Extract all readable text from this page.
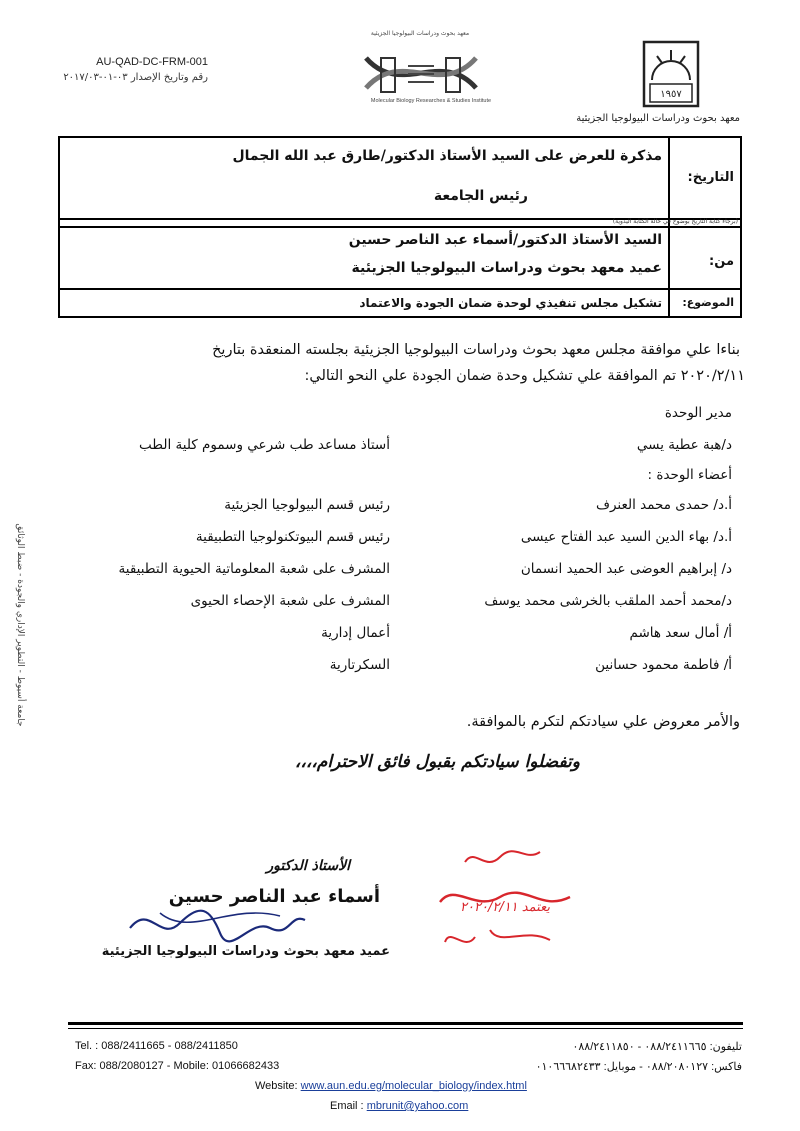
AU-QAD-DC-FRM-001
رقم وتاريخ الإصدار ٠٣-٠١-٢٠١٧/٠٣
معهد بحوث ودراسات البيولوجيا الجزيئية
Molecular Biology Researches & Studies Institute
١٩٥٧
معهد بحوث ودراسات البيولوجيا الجزيئية
التاريخ:
مذكرة للعرض على السيد الأستاذ الدكتور/طارق عبد الله الجمال
رئيس الجامعة
(برجاء كتابة التاريخ بوضوح في حالة الكتابة اليدوية)
من:
السيد الأستاذ الدكتور/أسماء عبد الناصر حسين
عميد معهد بحوث ودراسات البيولوجيا الجزيئية
الموضوع:
تشكيل مجلس تنفيذي لوحدة ضمان الجودة والاعتماد
بناءا علي موافقة مجلس معهد بحوث ودراسات البيولوجيا الجزيئية بجلسته المنعقدة بتاريخ
٢٠٢٠/٢/١١ تم الموافقة علي تشكيل وحدة ضمان الجودة علي النحو التالي:
مدير الوحدة
د/هبة عطية يسي
أستاذ مساعد طب شرعي وسموم كلية الطب
أعضاء الوحدة :
أ.د/ حمدى محمد العنرف
رئيس قسم البيولوجيا الجزيئية
أ.د/ بهاء الدين السيد عبد الفتاح عيسى
رئيس قسم البيوتكنولوجيا التطبيقية
د/ إبراهيم العوضى عبد الحميد انسمان
المشرف على شعبة المعلوماتية الحيوية التطبيقية
د/محمد أحمد الملقب بالخرشى محمد يوسف
المشرف على شعبة الإحصاء الحيوى
أ/ أمال سعد هاشم
أعمال إدارية
أ/ فاطمة محمود حسانين
السكرتارية
والأمر معروض علي سيادتكم لتكرم بالموافقة.
وتفضلوا سيادتكم بقبول فائق الاحترام،،،،
الأستاذ الدكتور
أسماء عبد الناصر حسين
عميد معهد بحوث ودراسات البيولوجيا الجزيئية
يعتمد ٢٠٢٠/٢/١١
جامعة أسيوط - التطوير الإداري والجودة - ضبط الوثائق
Tel. : 088/2411665 - 088/2411850	تليفون: ٠٨٨/٢٤١١٦٦٥ - ٠٨٨/٢٤١١٨٥٠
Fax: 088/2080127 - Mobile: 01066682433	فاكس: ٠٨٨/٢٠٨٠١٢٧ - موبايل: ٠١٠٦٦٦٨٢٤٣٣
Website: www.aun.edu.eg/molecular_biology/index.html
Email : mbrunit@yahoo.com
